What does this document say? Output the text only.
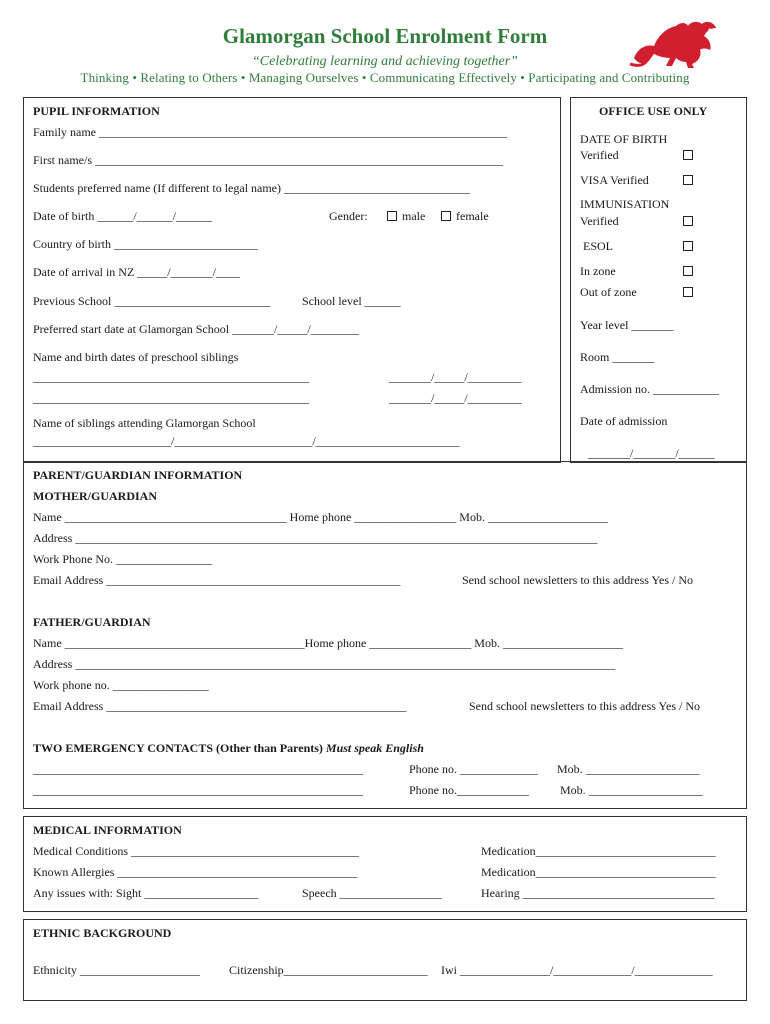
Glamorgan School Enrolment Form
“Celebrating learning and achieving together”
Thinking • Relating to Others • Managing Ourselves • Communicating Effectively • Participating and Contributing
PUPIL INFORMATION
Family name ____________________________________________________________________
First name/s ____________________________________________________________________
Students preferred name (If different to legal name) _______________________________
Date of birth ______/______/______	Gender:	male	female
Country of birth ________________________
Date of arrival in NZ _____/_______/____
Previous School __________________________	School level ______
Preferred start date at Glamorgan School _______/_____/________
Name and birth dates of preschool siblings
______________________________________________	_______/_____/_________
______________________________________________	_______/_____/_________
Name of siblings attending Glamorgan School
_______________________/_______________________/________________________
OFFICE USE ONLY
DATE OF BIRTH
Verified
VISA Verified
IMMUNISATION
Verified
ESOL
In zone
Out of zone
Year level _______
Room _______
Admission no. ___________
Date of admission
_______/_______/______
PARENT/GUARDIAN INFORMATION
MOTHER/GUARDIAN
Name _____________________________________ Home phone _________________ Mob. ____________________
Address _______________________________________________________________________________________
Work Phone No. ________________
Email Address _________________________________________________	Send school newsletters to this address Yes / No
FATHER/GUARDIAN
Name ________________________________________Home phone _________________ Mob. ____________________
Address __________________________________________________________________________________________
Work phone no. ________________
Email Address __________________________________________________	Send school newsletters to this address Yes / No
TWO EMERGENCY CONTACTS (Other than Parents) Must speak English
_______________________________________________________	Phone no. _____________ Mob. ___________________
_______________________________________________________	Phone no.____________	Mob. ___________________
MEDICAL INFORMATION
Medical Conditions ______________________________________	Medication______________________________
Known Allergies ________________________________________	Medication______________________________
Any issues with: Sight ___________________	Speech _________________	Hearing ________________________________
ETHNIC BACKGROUND
Ethnicity ____________________ Citizenship________________________ Iwi _______________/_____________/_____________
